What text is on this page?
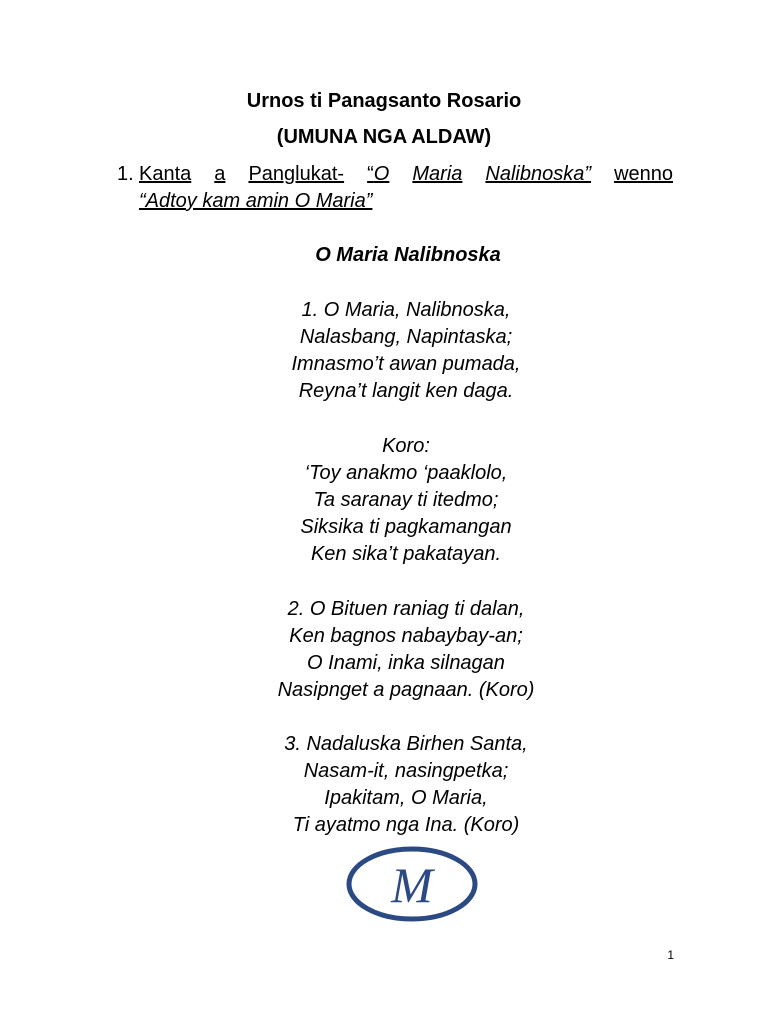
Urnos ti Panagsanto Rosario
(UMUNA NGA ALDAW)
1. Kanta a Panglukat- “O Maria Nalibnoska” wenno
“Adtoy kam amin O Maria”
O Maria Nalibnoska
1. O Maria, Nalibnoska,
Nalasbang, Napintaska;
Imnasmo’t awan pumada,
Reyna’t langit ken daga.
Koro:
‘Toy anakmo ‘paaklolo,
Ta saranay ti itedmo;
Siksika ti pagkamangan
Ken sika’t pakatayan.
2. O Bituen raniag ti dalan,
Ken bagnos nabaybay-an;
O Inami, inka silnagan
Nasipnget a pagnaan. (Koro)
3. Nadaluska Birhen Santa,
Nasam-it, nasingpetka;
Ipakitam, O Maria,
Ti ayatmo nga Ina. (Koro)
M
1
